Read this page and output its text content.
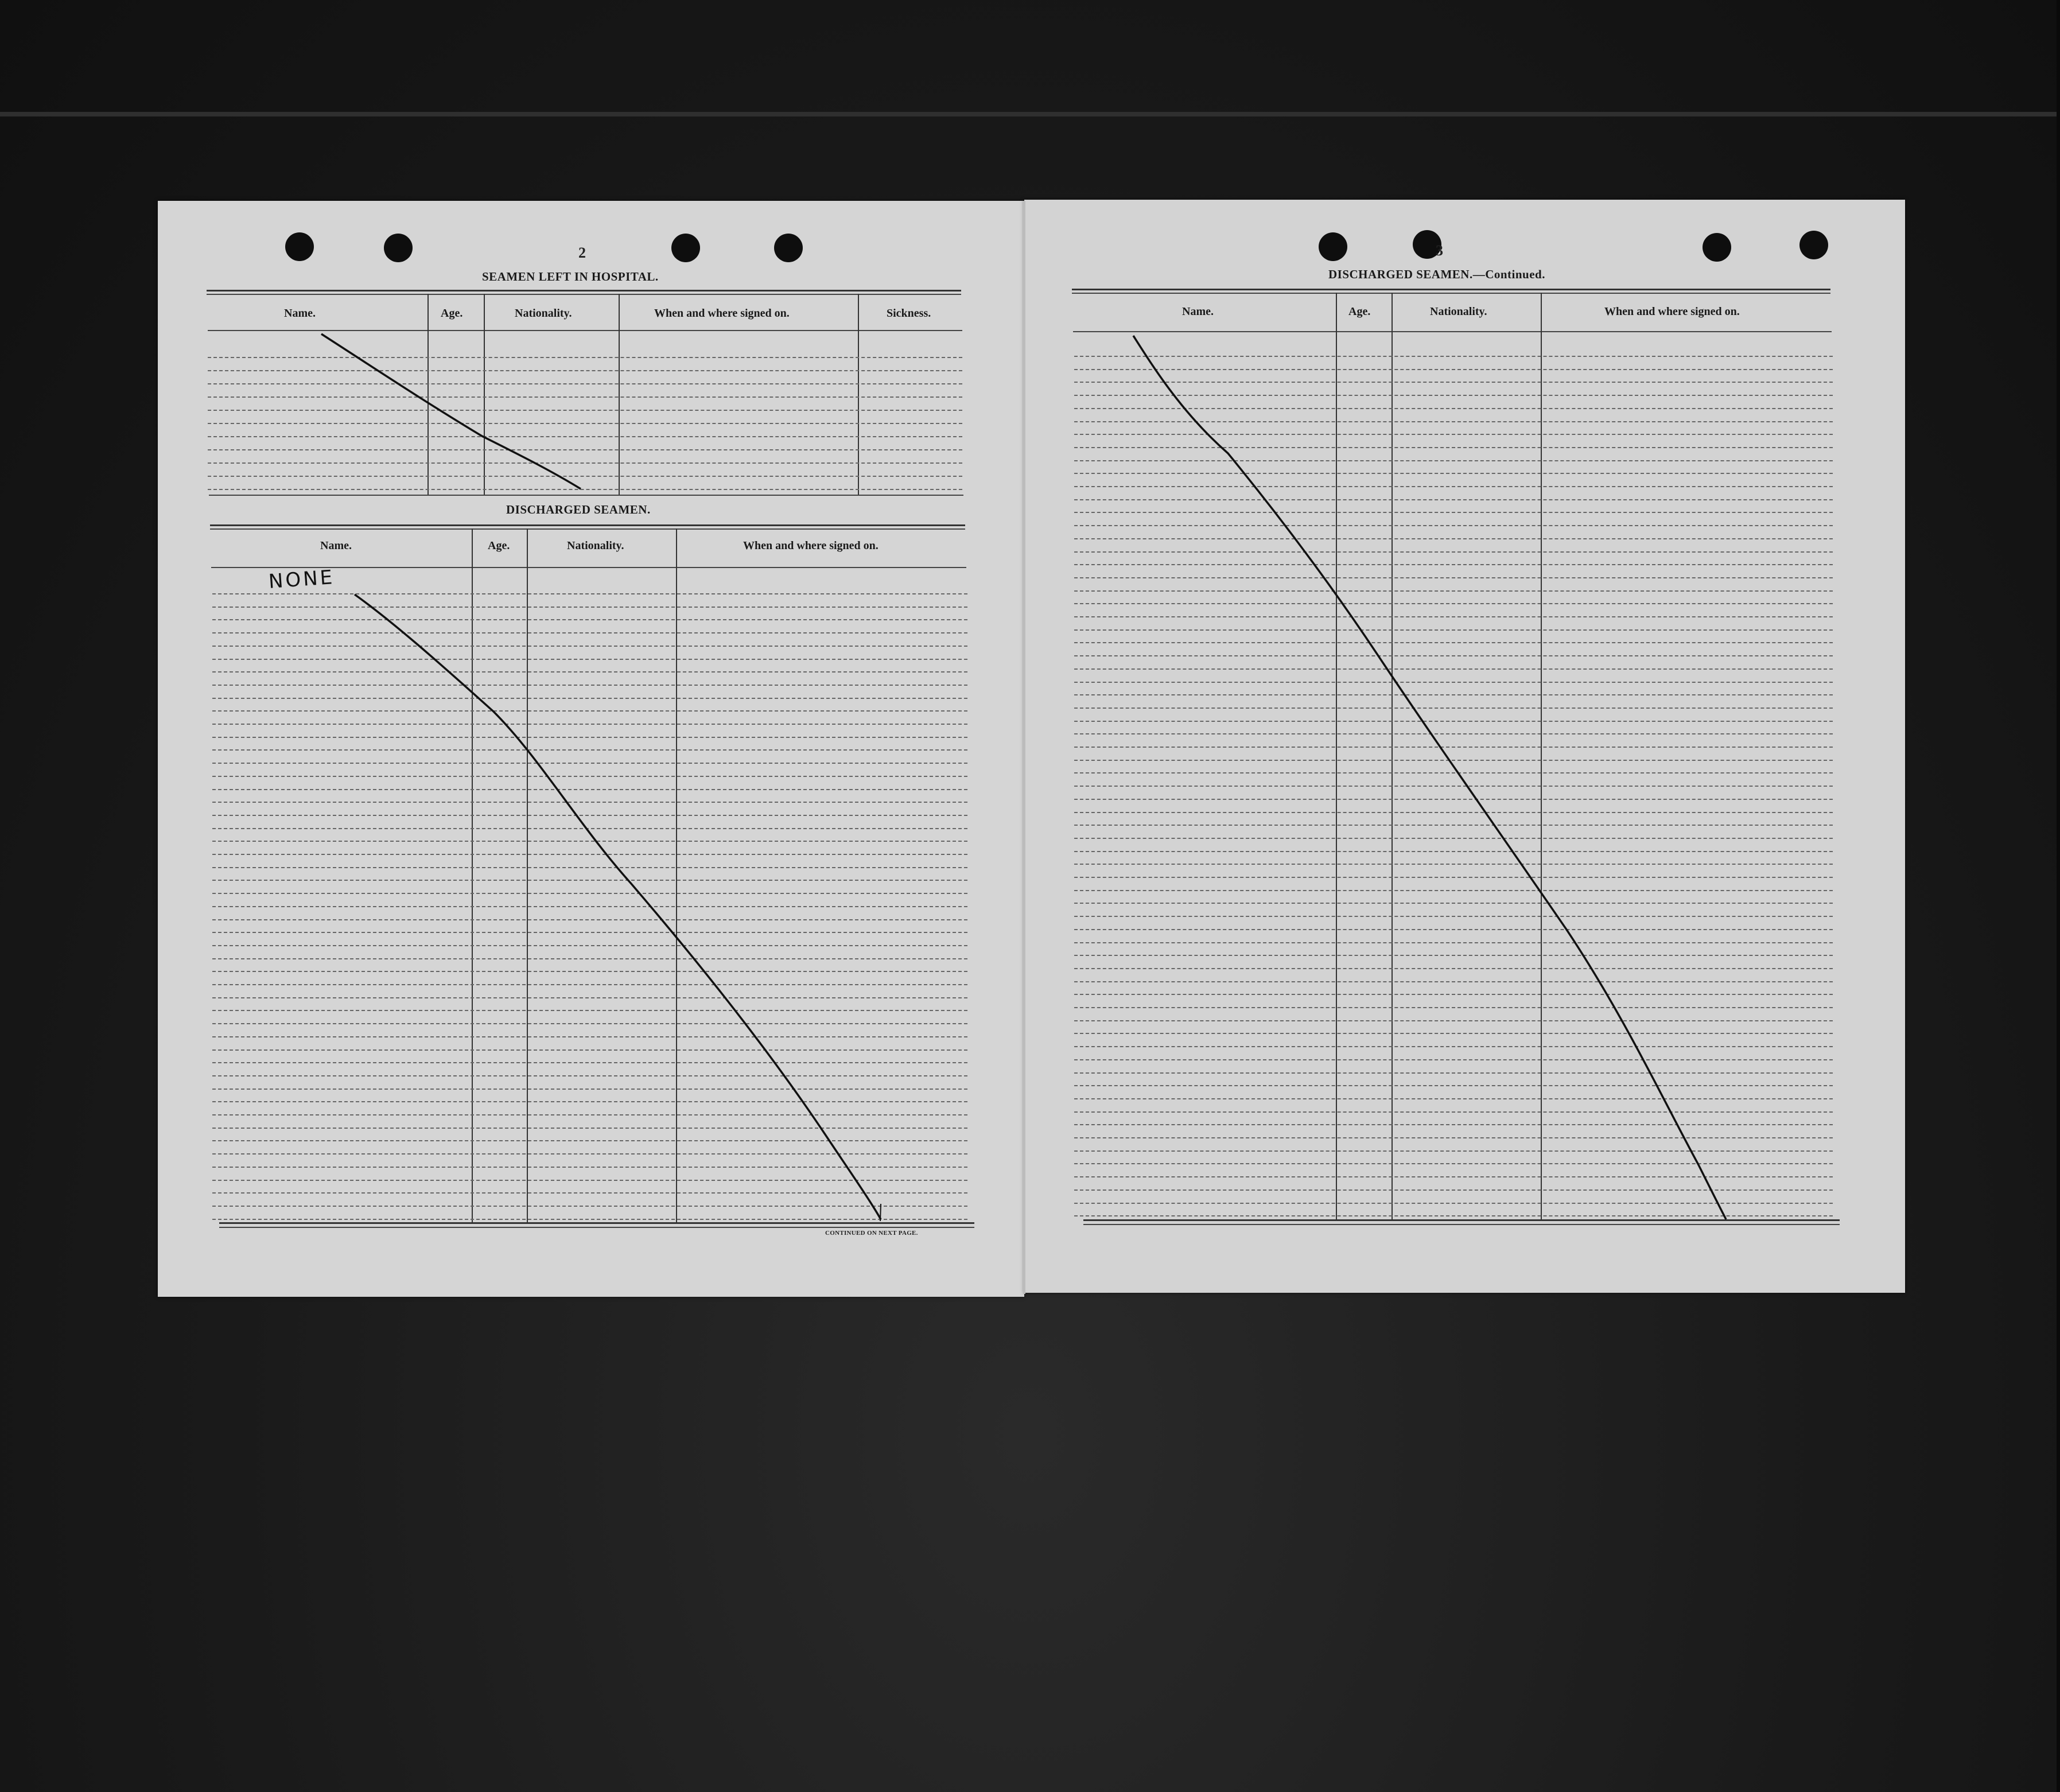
2
SEAMEN LEFT IN HOSPITAL.
Name.	Age.	Nationality.	When and where signed on.	Sickness.
DISCHARGED SEAMEN.
Name.	Age.	Nationality.	When and where signed on.
NONE
CONTINUED ON NEXT PAGE.
3
DISCHARGED SEAMEN.—Continued.
Name.	Age.	Nationality.	When and where signed on.
